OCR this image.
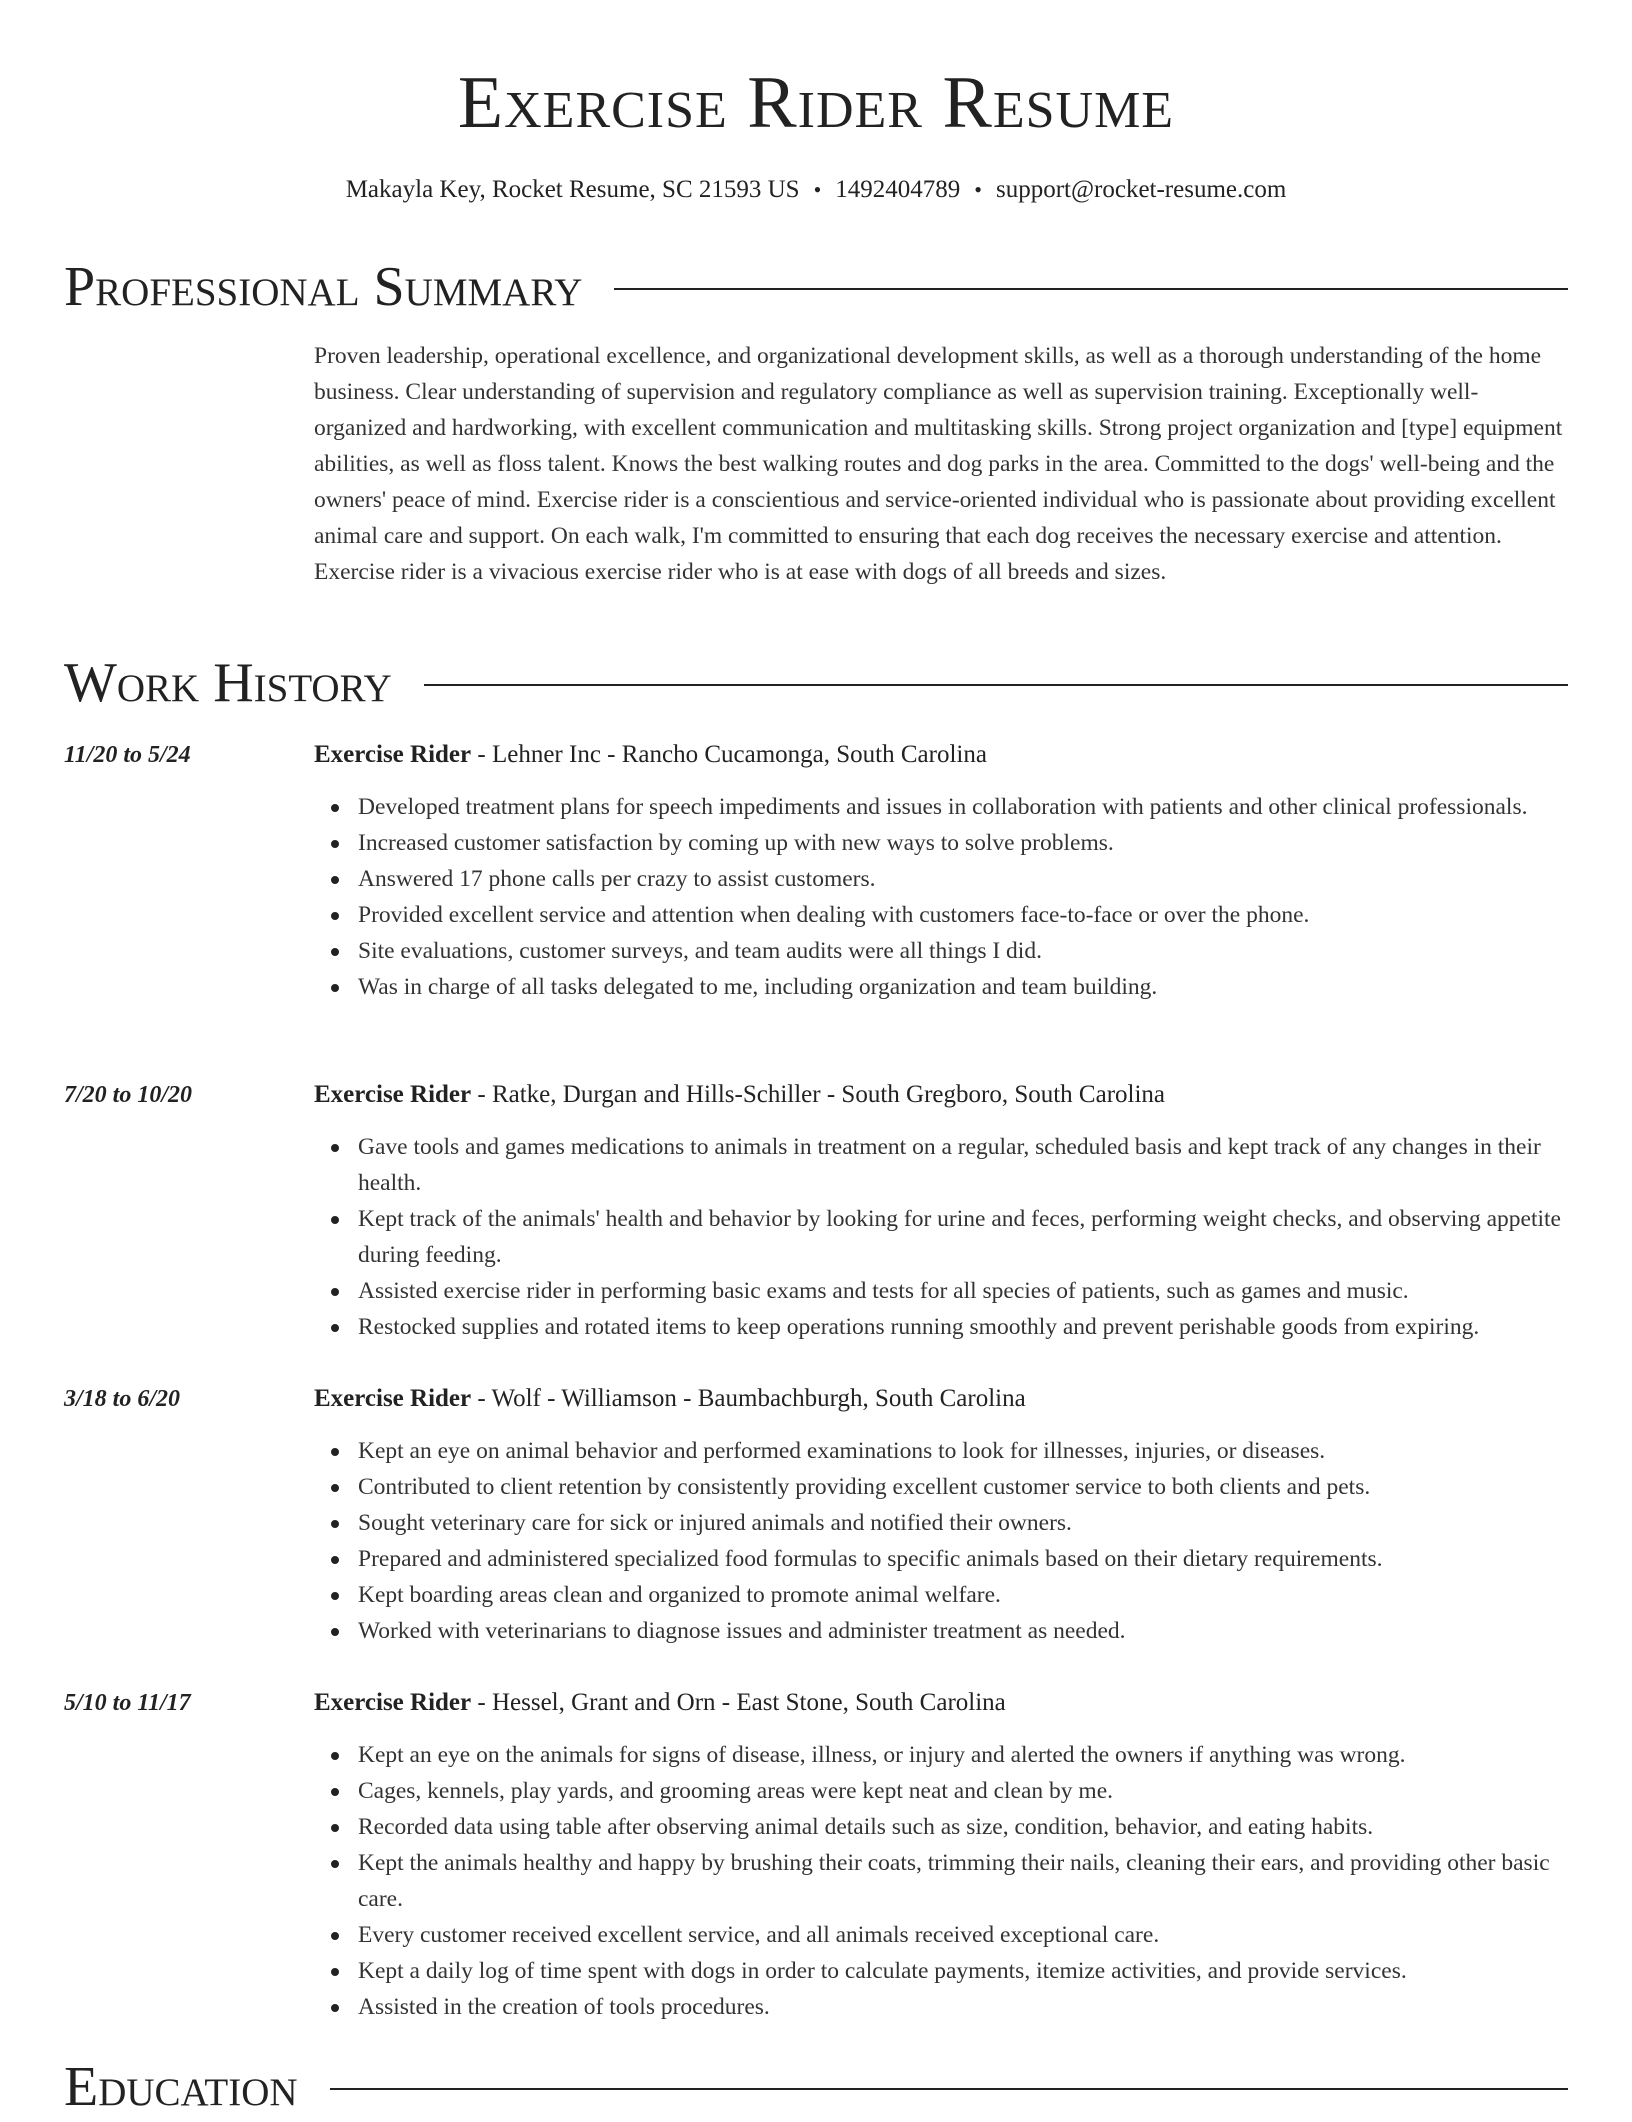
Exercise Rider Resume
Makayla Key, Rocket Resume, SC 21593 US • 1492404789 • support@rocket-resume.com
Professional Summary

Proven leadership, operational excellence, and organizational development skills, as well as a thorough understanding of the home business. Clear understanding of supervision and regulatory compliance as well as supervision training. Exceptionally well-organized and hardworking, with excellent communication and multitasking skills. Strong project organization and [type] equipment abilities, as well as floss talent. Knows the best walking routes and dog parks in the area. Committed to the dogs' well-being and the owners' peace of mind. Exercise rider is a conscientious and service-oriented individual who is passionate about providing excellent animal care and support. On each walk, I'm committed to ensuring that each dog receives the necessary exercise and attention. Exercise rider is a vivacious exercise rider who is at ease with dogs of all breeds and sizes.

Work History
11/20 to 5/24	Exercise Rider - Lehner Inc - Rancho Cucamonga, South Carolina
Developed treatment plans for speech impediments and issues in collaboration with patients and other clinical professionals.
Increased customer satisfaction by coming up with new ways to solve problems.
Answered 17 phone calls per crazy to assist customers.
Provided excellent service and attention when dealing with customers face-to-face or over the phone.
Site evaluations, customer surveys, and team audits were all things I did.
Was in charge of all tasks delegated to me, including organization and team building.
7/20 to 10/20	Exercise Rider - Ratke, Durgan and Hills-Schiller - South Gregboro, South Carolina
Gave tools and games medications to animals in treatment on a regular, scheduled basis and kept track of any changes in their health.
Kept track of the animals' health and behavior by looking for urine and feces, performing weight checks, and observing appetite during feeding.
Assisted exercise rider in performing basic exams and tests for all species of patients, such as games and music.
Restocked supplies and rotated items to keep operations running smoothly and prevent perishable goods from expiring.
3/18 to 6/20	Exercise Rider - Wolf - Williamson - Baumbachburgh, South Carolina
Kept an eye on animal behavior and performed examinations to look for illnesses, injuries, or diseases.
Contributed to client retention by consistently providing excellent customer service to both clients and pets.
Sought veterinary care for sick or injured animals and notified their owners.
Prepared and administered specialized food formulas to specific animals based on their dietary requirements.
Kept boarding areas clean and organized to promote animal welfare.
Worked with veterinarians to diagnose issues and administer treatment as needed.
5/10 to 11/17	Exercise Rider - Hessel, Grant and Orn - East Stone, South Carolina
Kept an eye on the animals for signs of disease, illness, or injury and alerted the owners if anything was wrong.
Cages, kennels, play yards, and grooming areas were kept neat and clean by me.
Recorded data using table after observing animal details such as size, condition, behavior, and eating habits.
Kept the animals healthy and happy by brushing their coats, trimming their nails, cleaning their ears, and providing other basic care.
Every customer received excellent service, and all animals received exceptional care.
Kept a daily log of time spent with dogs in order to calculate payments, itemize activities, and provide services.
Assisted in the creation of tools procedures.
Education
